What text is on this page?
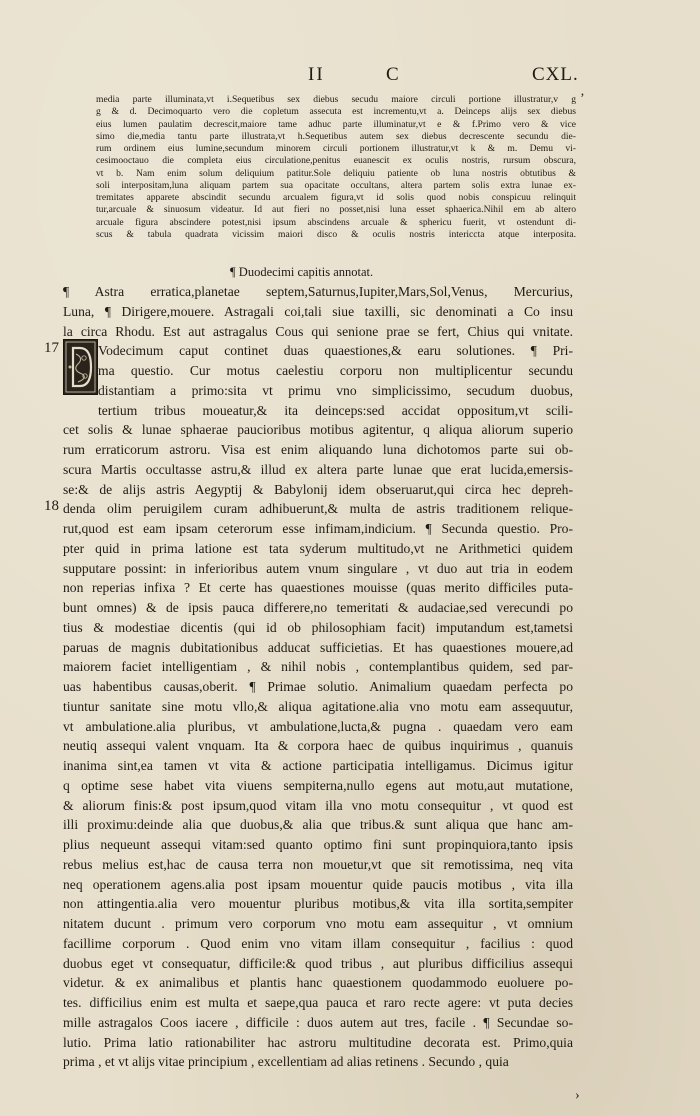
II	C	CXL.
media parte illuminata,vt i.Sequetibus sex diebus secudu maiore circuli portione illustratur,v g
g & d. Decimoquarto vero die copletum assecuta est incrementu,vt a. Deinceps alijs sex diebus
eius lumen paulatim decrescit,maiore tame adhuc parte illuminatur,vt e & f.Primo vero & vice
simo die,media tantu parte illustrata,vt h.Sequetibus autem sex diebus decrescente secundu die-
rum ordinem eius lumine,secundum minorem circuli portionem illustratur,vt k & m. Demu vi-
cesimooctauo die completa eius circulatione,penitus euanescit ex oculis nostris, rursum obscura,
vt b. Nam enim solum deliquium patitur.Sole deliquiu patiente ob luna nostris obtutibus &
soli interpositam,luna aliquam partem sua opacitate occultans, altera partem solis extra lunae ex-
tremitates apparete abscindit secundu arcualem figura,vt id solis quod nobis conspicuu relinquit
tur,arcuale & sinuosum videatur. Id aut fieri no posset,nisi luna esset sphaerica.Nihil em ab altero
arcuale figura abscindere potest,nisi ipsum abscindens arcuale & sphericu fuerit, vt ostendunt di-
scus & tabula quadrata vicissim maiori disco & oculis nostris intericcta atque interposita.
¶ Duodecimi capitis annotat.
17
18
¶ Astra erratica,planetae septem,Saturnus,Iupiter,Mars,Sol,Venus, Mercurius,
Luna, ¶ Dirigere,mouere. Astragali coi,tali siue taxilli, sic denominati a Co insu
la circa Rhodu. Est aut astragalus Cous qui senione prae se fert, Chius qui vnitate.
Vodecimum caput continet duas quaestiones,& earu solutiones. ¶ Pri-
ma questio. Cur motus caelestiu corporu non multiplicentur secundu
distantiam a primo:sita vt primu vno simplicissimo, secudum duobus,
tertium tribus moueatur,& ita deinceps:sed accidat oppositum,vt scili-
cet solis & lunae sphaerae paucioribus motibus agitentur, q aliqua aliorum superio
rum erraticorum astroru. Visa est enim aliquando luna dichotomos parte sui ob-
scura Martis occultasse astru,& illud ex altera parte lunae que erat lucida,emersis-
se:& de alijs astris Aegyptij & Babylonij idem obseruarut,qui circa hec depreh-
denda olim peruigilem curam adhibuerunt,& multa de astris traditionem relique-
rut,quod est eam ipsam ceterorum esse infimam,indicium. ¶ Secunda questio. Pro-
pter quid in prima latione est tata syderum multitudo,vt ne Arithmetici quidem
supputare possint: in inferioribus autem vnum singulare , vt duo aut tria in eodem
non reperias infixa ? Et certe has quaestiones mouisse (quas merito difficiles puta-
bunt omnes) & de ipsis pauca differere,no temeritati & audaciae,sed verecundi po
tius & modestiae dicentis (qui id ob philosophiam facit) imputandum est,tametsi
paruas de magnis dubitationibus adducat sufficietias. Et has quaestiones mouere,ad
maiorem faciet intelligentiam , & nihil nobis , contemplantibus quidem, sed par-
uas habentibus causas,oberit. ¶ Primae solutio. Animalium quaedam perfecta po
tiuntur sanitate sine motu vllo,& aliqua agitatione.alia vno motu eam assequutur,
vt ambulatione.alia pluribus, vt ambulatione,lucta,& pugna . quaedam vero eam
neutiq assequi valent vnquam. Ita & corpora haec de quibus inquirimus , quanuis
inanima sint,ea tamen vt vita & actione participatia intelligamus. Dicimus igitur
q optime sese habet vita viuens sempiterna,nullo egens aut motu,aut mutatione,
& aliorum finis:& post ipsum,quod vitam illa vno motu consequitur , vt quod est
illi proximu:deinde alia que duobus,& alia que tribus.& sunt aliqua que hanc am-
plius nequeunt assequi vitam:sed quanto optimo fini sunt propinquiora,tanto ipsis
rebus melius est,hac de causa terra non mouetur,vt que sit remotissima, neq vita
neq operationem agens.alia post ipsam mouentur quide paucis motibus , vita illa
non attingentia.alia vero mouentur pluribus motibus,& vita illa sortita,sempiter
nitatem ducunt . primum vero corporum vno motu eam assequitur , vt omnium
facillime corporum . Quod enim vno vitam illam consequitur , facilius : quod
duobus eget vt consequatur, difficile:& quod tribus , aut pluribus difficilius assequi
videtur. & ex animalibus et plantis hanc quaestionem quodammodo euoluere po-
tes. difficilius enim est multa et saepe,qua pauca et raro recte agere: vt puta decies
mille astragalos Coos iacere , difficile : duos autem aut tres, facile . ¶ Secundae so-
lutio. Prima latio rationabiliter hac astroru multitudine decorata est. Primo,quia
prima , et vt alijs vitae principium , excellentiam ad alias retinens . Secundo , quia
‚
›
